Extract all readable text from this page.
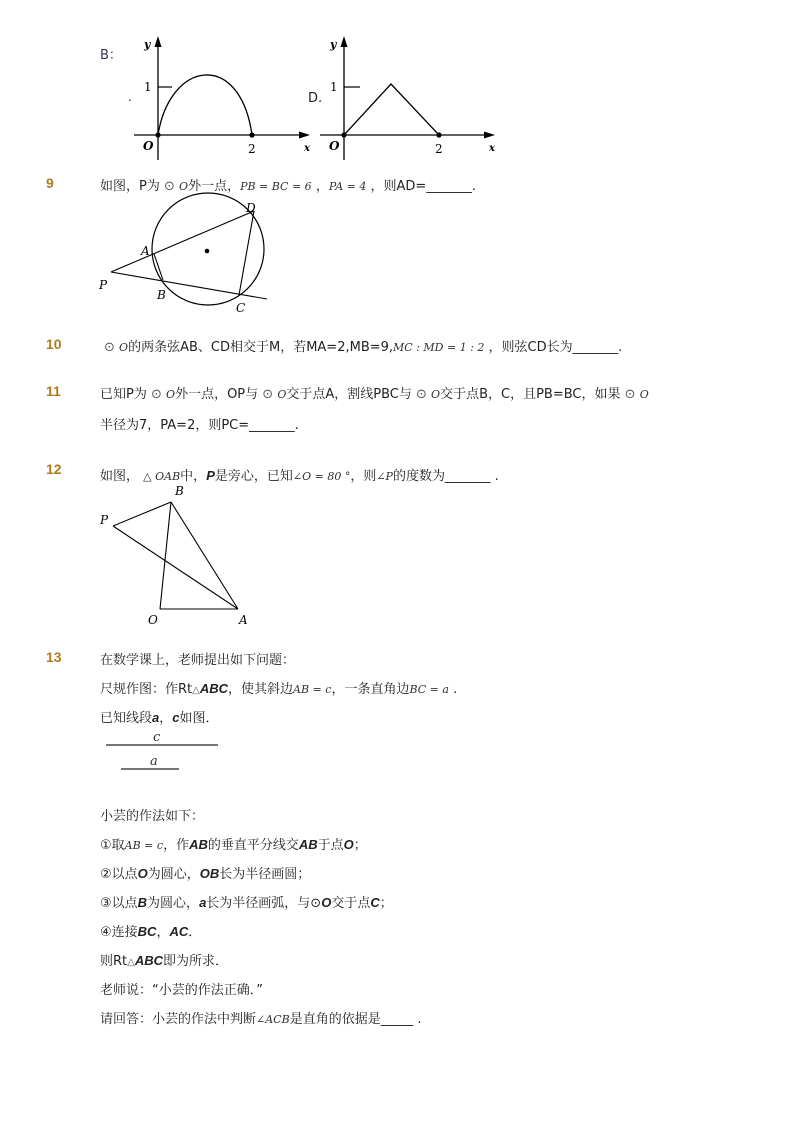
B：
.
y
1
O	2	x
D.
y
1
O	2	x
9	如图，P为 ⊙ O外一点，PB = BC = 6 ，PA = 4 ，则AD=_______.
P
A
B
C
D
10	⊙ O的两条弦AB、CD相交于M，若MA=2,MB=9,MC : MD = 1 : 2 ，则弦CD长为_______.
11	已知P为 ⊙ O外一点，OP与 ⊙ O交于点A，割线PBC与 ⊙ O交于点B，C，且PB=BC，如果 ⊙ O
半径为7，PA=2，则PC=_______.
12	如图， △ OAB中，P是旁心，已知∠O = 80 °，则∠P的度数为_______ .
B
P
O	A
13	在数学课上，老师提出如下问题：
尺规作图：作Rt△ABC，使其斜边AB = c，一条直角边BC = a .
已知线段a，c如图．
c
a
小芸的作法如下：
①取AB = c，作AB的垂直平分线交AB于点O；
②以点O为圆心，OB长为半径画圆；
③以点B为圆心，a长为半径画弧，与⊙O交于点C；
④连接BC，AC．
则Rt△ABC即为所求．
老师说：“小芸的作法正确．”
请回答：小芸的作法中判断∠ACB是直角的依据是_____ .
